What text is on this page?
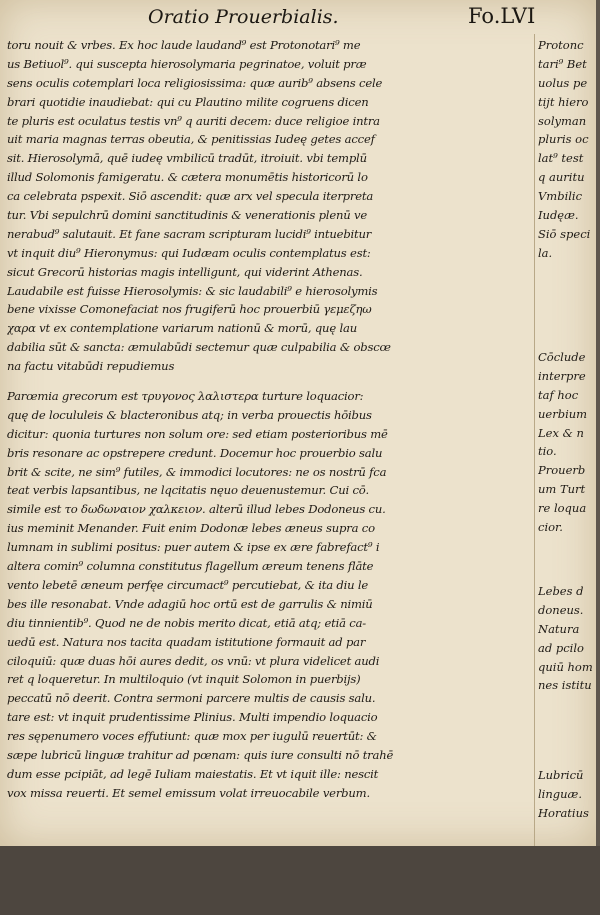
Oratio Prouerbialis.	Fo.LVI
toru nouit & vrbes. Ex hoc laude laudand⁹ est Protonotari⁹ me
us Betiuol⁹. qui suscepta hierosolymaria pegrinatoe, voluit præ
sens oculis cotemplari loca religiosissima: quæ aurib⁹ absens cele
brari quotidie inaudiebat: qui cu Plautino milite cogruens dicen
te pluris est oculatus testis vn⁹ q auriti decem: duce religioe intra
uit maria magnas terras obeutia, & penitissias Iudeę getes accef
sit. Hierosolymā, quē iudeę vmbilicū tradūt, itroiuit. vbi templū
illud Solomonis famigeratu. & cætera monumētis historicorū lo
ca celebrata pspexit. Siō ascendit: quæ arx vel specula iterpreta
tur. Vbi sepulchrū domini sanctitudinis & venerationis plenū ve
nerabud⁹ salutauit. Et fane sacram scripturam lucidi⁹ intuebitur
vt inquit diu⁹ Hieronymus: qui Iudæam oculis contemplatus est:
sicut Grecorū historias magis intelligunt, qui viderint Athenas.
Laudabile est fuisse Hierosolymis: & sic laudabili⁹ e hierosolymis
bene vixisse Comonefaciat nos frugiferū hoc prouerbiū γεμεζηω
χαρα vt ex contemplatione variarum nationū & morū, quę lau
dabilia sūt & sancta: æmulabūdi sectemur quæ culpabilia & obscœ
na factu vitabūdi repudiemus
Parœmia grecorum est τρυγονος λαλιστερα turture loquacior:
quę de locululeis & blacteronibus atq; in verba prouectis hōibus
dicitur: quonia turtures non solum ore: sed etiam posterioribus mē
bris resonare ac opstrepere credunt. Docemur hoc prouerbio salu
brit & scite, ne sim⁹ futiles, & immodici locutores: ne os nostrū fca
teat verbis lapsantibus, ne lqcitatis nęuo deuenustemur. Cui cō.
simile est το δωδωναιον χαλκειον. alterū illud lebes Dodoneus cu.
ius meminit Menander. Fuit enim Dodonæ lebes æneus supra co
lumnam in sublimi positus: puer autem & ipse ex ære fabrefact⁹ i
altera comin⁹ columna constitutus flagellum æreum tenens flāte
vento lebetē æneum perfęe circumact⁹ percutiebat, & ita diu le
bes ille resonabat. Vnde adagiū hoc ortū est de garrulis & nimiū
diu tinnientib⁹. Quod ne de nobis merito dicat, etiā atq; etiā ca-
uedū est. Natura nos tacita quadam istitutione formauit ad par
ciloquiū: quæ duas hōi aures dedit, os vnū: vt plura videlicet audi
ret q loqueretur. In multiloquio (vt inquit Solomon in puerbijs)
peccatū nō deerit. Contra sermoni parcere multis de causis salu.
tare est: vt inquit prudentissime Plinius. Multi impendio loquacio
res sępenumero voces effutiunt: quæ mox per iugulū reuertūt: &
sæpe lubricū linguæ trahitur ad pœnam: quis iure consulti nō trahē
dum esse pcipiāt, ad legē Iuliam maiestatis. Et vt iquit ille: nescit
vox missa reuerti. Et semel emissum volat irreuocabile verbum.
Protonc
tari⁹ Bet
uolus pe
tijt hiero
solyman
pluris oc
lat⁹ test
q auritu
Vmbilic
Iudęæ.
Siō speci
la.
Cōclude
interpre
taf hoc
uerbium
Lex & n
tio.
Prouerb
um Turt
re loqua
cior.
Lebes d
doneus.
Natura
ad pcilo
quiū hom
nes istitu
Lubricū
linguæ.
Horatius
